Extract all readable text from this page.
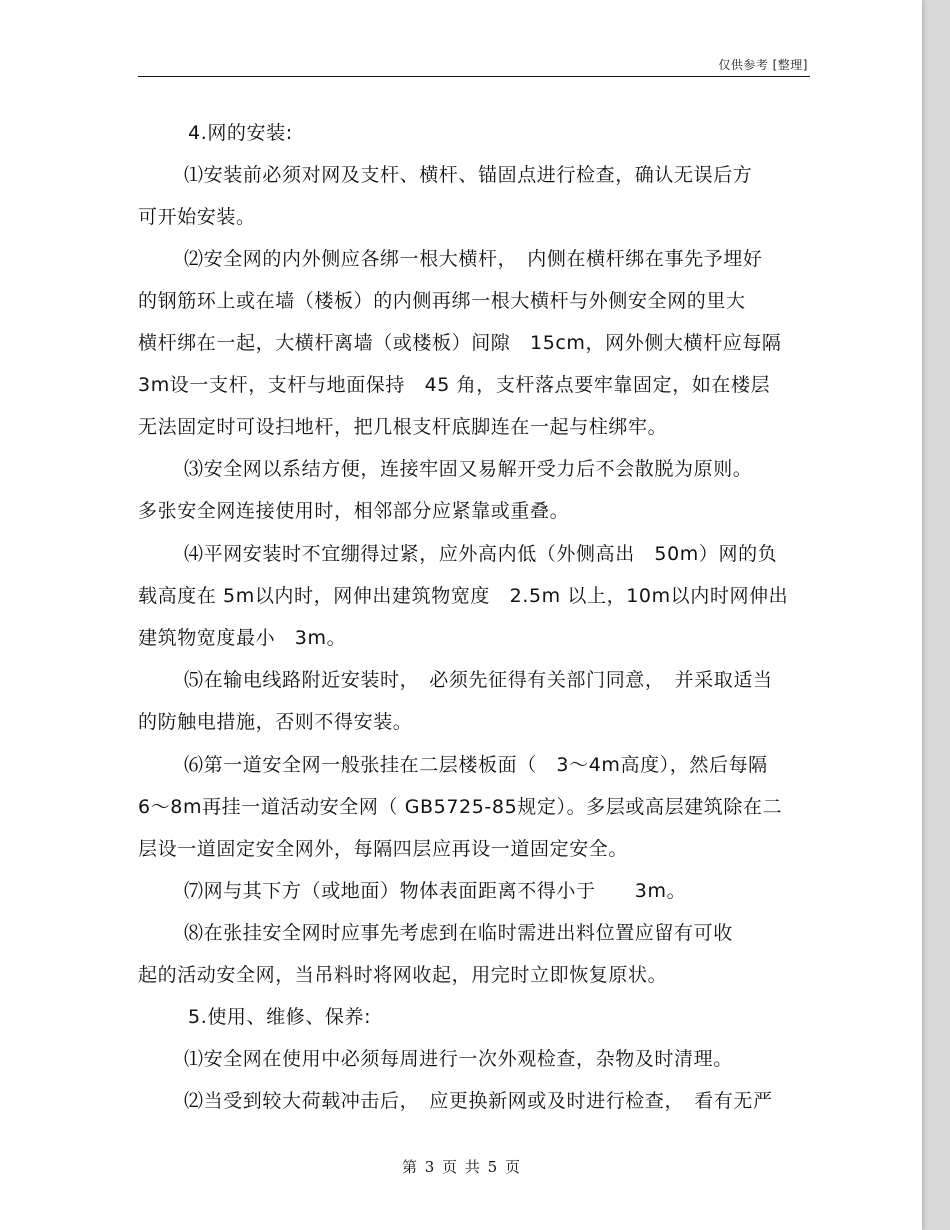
仅供参考 [整理]
4.网的安装:
⑴安装前必须对网及支杆、横杆、锚固点进行检查，确认无误后方
可开始安装。
⑵安全网的内外侧应各绑一根大横杆，　内侧在横杆绑在事先予埋好
的钢筋环上或在墙（楼板）的内侧再绑一根大横杆与外侧安全网的里大
横杆绑在一起，大横杆离墙（或楼板）间隙　15cm，网外侧大横杆应每隔
3m设一支杆，支杆与地面保持　45 角，支杆落点要牢靠固定，如在楼层
无法固定时可设扫地杆，把几根支杆底脚连在一起与柱绑牢。
⑶安全网以系结方便，连接牢固又易解开受力后不会散脱为原则。
多张安全网连接使用时，相邻部分应紧靠或重叠。
⑷平网安装时不宜绷得过紧，应外高内低（外侧高出　50m）网的负
载高度在 5m以内时，网伸出建筑物宽度　2.5m 以上，10m以内时网伸出
建筑物宽度最小　3m。
⑸在输电线路附近安装时，　必须先征得有关部门同意，　并采取适当
的防触电措施，否则不得安装。
⑹第一道安全网一般张挂在二层楼板面（　3～4m高度），然后每隔
6～8m再挂一道活动安全网（ GB5725-85规定）。多层或高层建筑除在二
层设一道固定安全网外，每隔四层应再设一道固定安全。
⑺网与其下方（或地面）物体表面距离不得小于　　3m。
⑻在张挂安全网时应事先考虑到在临时需进出料位置应留有可收
起的活动安全网，当吊料时将网收起，用完时立即恢复原状。
5.使用、维修、保养:
⑴安全网在使用中必须每周进行一次外观检查，杂物及时清理。
⑵当受到较大荷载冲击后，　应更换新网或及时进行检查，　看有无严
第 3 页 共 5 页
